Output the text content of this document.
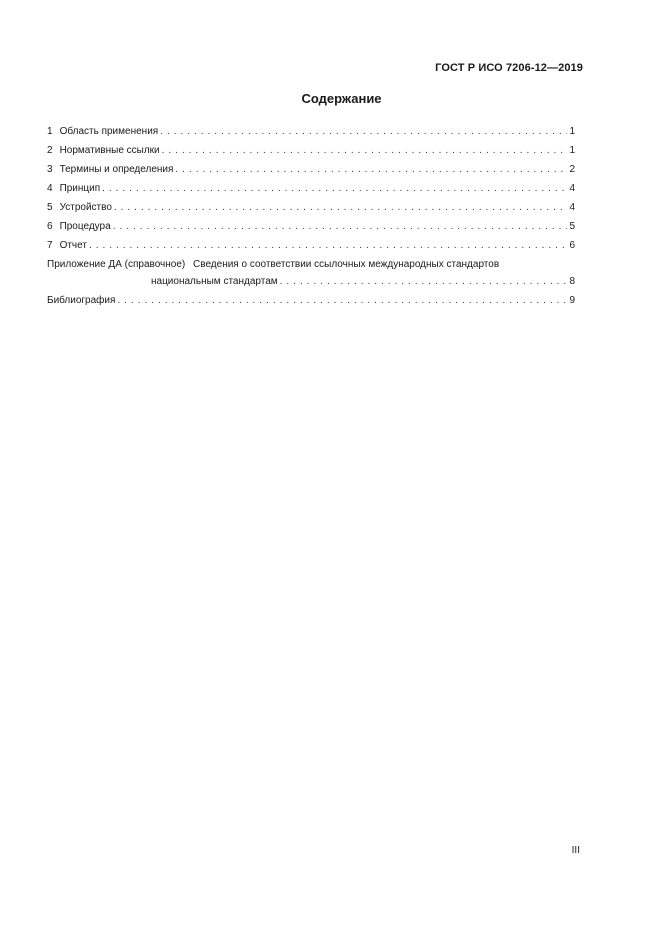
ГОСТ Р ИСО 7206-12—2019
Содержание
1 Область применения . . .	1
2 Нормативные ссылки . . .	1
3 Термины и определения . . .	2
4 Принцип . . .	4
5 Устройство . . .	4
6 Процедура . . .	5
7 Отчет . . .	6
Приложение ДА (справочное) Сведения о соответствии ссылочных международных стандартов
национальным стандартам . . .	8
Библиография . . .	9
III
